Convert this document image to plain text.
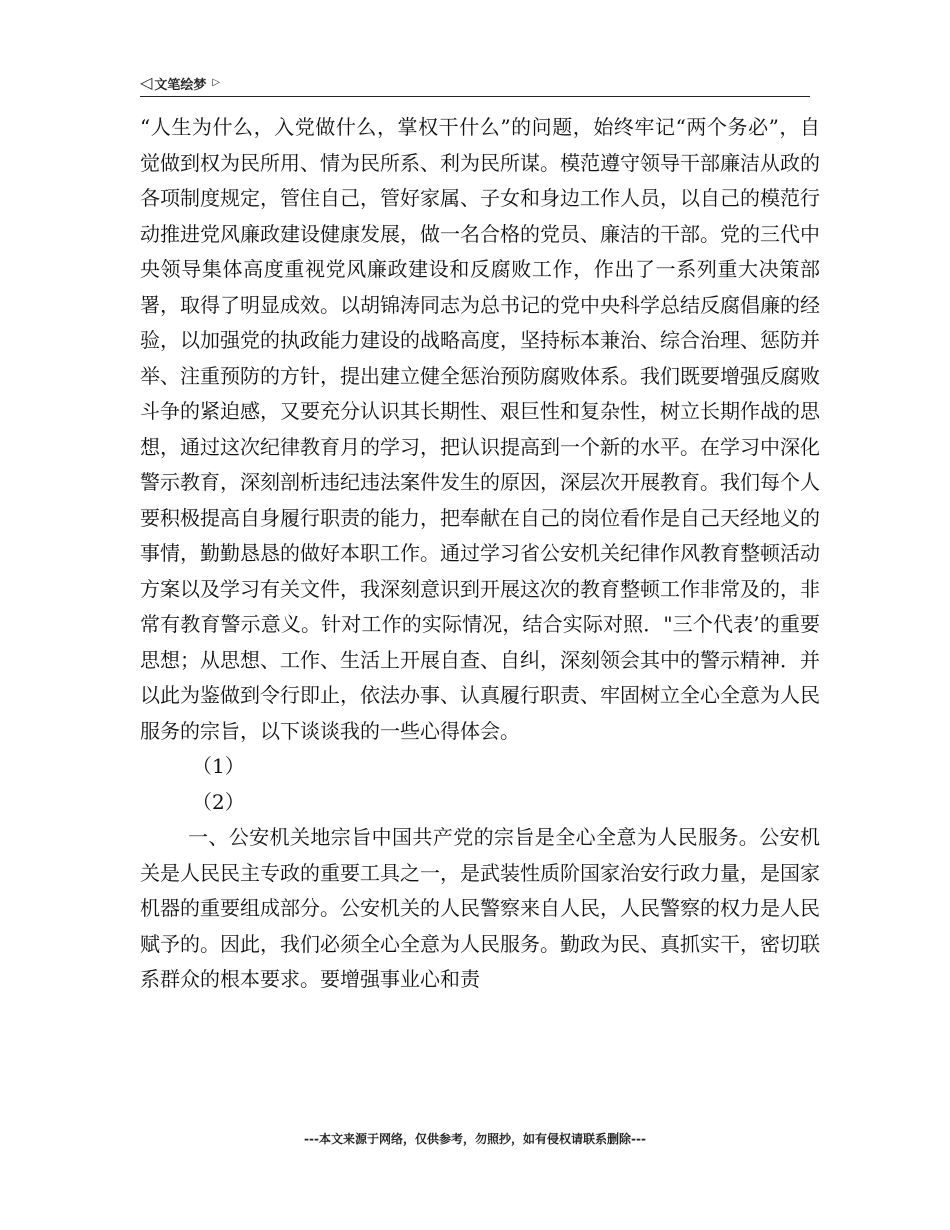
◁ 文笔绘梦 ▷

“人生为什么，入党做什么，掌权干什么”的问题，始终牢记“两个务必”，自觉做到权为民所用、情为民所系、利为民所谋。模范遵守领导干部廉洁从政的各项制度规定，管住自己，管好家属、子女和身边工作人员，以自己的模范行动推进党风廉政建设健康发展，做一名合格的党员、廉洁的干部。党的三代中央领导集体高度重视党风廉政建设和反腐败工作，作出了一系列重大决策部署，取得了明显成效。以胡锦涛同志为总书记的党中央科学总结反腐倡廉的经验，以加强党的执政能力建设的战略高度，坚持标本兼治、综合治理、惩防并举、注重预防的方针，提出建立健全惩治预防腐败体系。我们既要增强反腐败斗争的紧迫感，又要充分认识其长期性、艰巨性和复杂性，树立长期作战的思想，通过这次纪律教育月的学习，把认识提高到一个新的水平。在学习中深化警示教育，深刻剖析违纪违法案件发生的原因，深层次开展教育。我们每个人要积极提高自身履行职责的能力，把奉献在自己的岗位看作是自己天经地义的事情，勤勤恳恳的做好本职工作。通过学习省公安机关纪律作风教育整顿活动方案以及学习有关文件，我深刻意识到开展这次的教育整顿工作非常及的，非常有教育警示意义。针对工作的实际情况，结合实际对照．"三个代表’的重要思想；从思想、工作、生活上开展自查、自纠，深刻领会其中的警示精神．并以此为鉴做到令行即止，依法办事、认真履行职责、牢固树立全心全意为人民服务的宗旨，以下谈谈我的一些心得体会。

（1）

（2）

一、公安机关地宗旨中国共产党的宗旨是全心全意为人民服务。公安机关是人民民主专政的重要工具之一，是武装性质阶国家治安行政力量，是国家机器的重要组成部分。公安机关的人民警察来自人民，人民警察的权力是人民赋予的。因此，我们必须全心全意为人民服务。勤政为民、真抓实干，密切联系群众的根本要求。要增强事业心和责

---本文来源于网络，仅供参考，勿照抄，如有侵权请联系删除---
